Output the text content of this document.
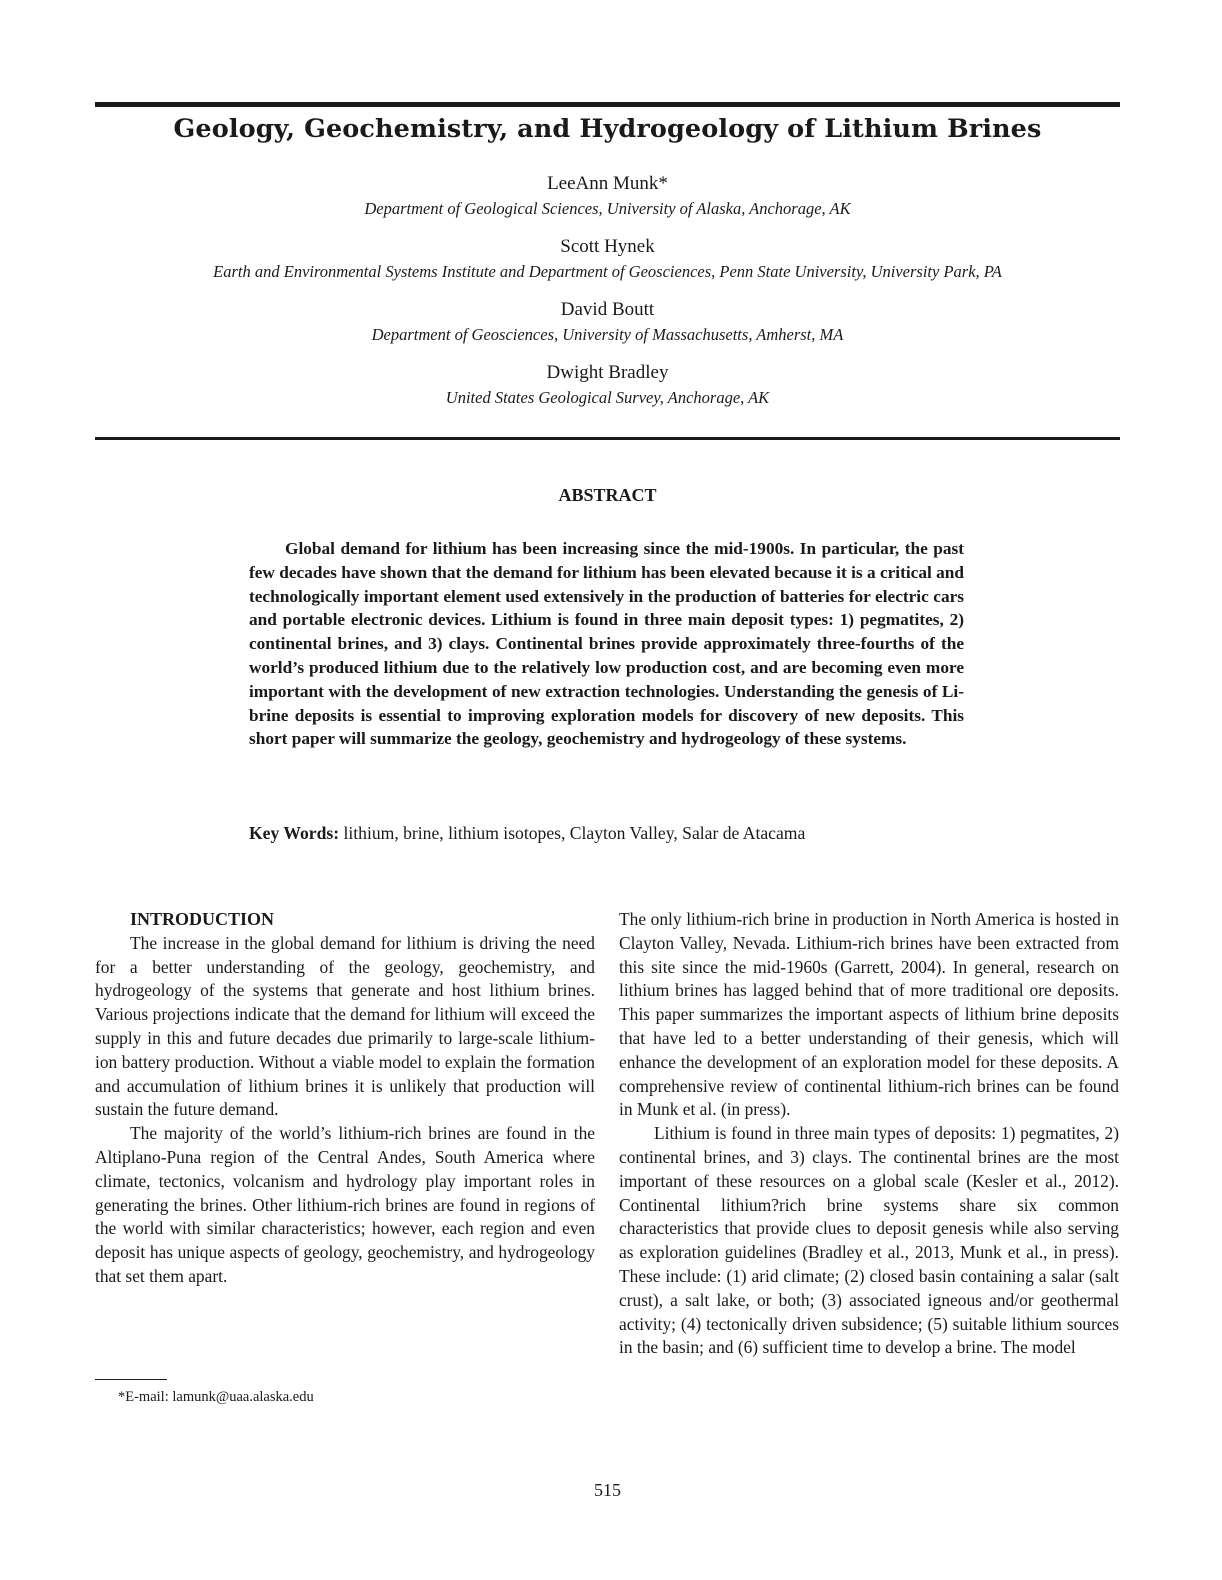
Geology, Geochemistry, and Hydrogeology of Lithium Brines
LeeAnn Munk*
Department of Geological Sciences, University of Alaska, Anchorage, AK
Scott Hynek
Earth and Environmental Systems Institute and Department of Geosciences, Penn State University, University Park, PA
David Boutt
Department of Geosciences, University of Massachusetts, Amherst, MA
Dwight Bradley
United States Geological Survey, Anchorage, AK
ABSTRACT

Global demand for lithium has been increasing since the mid-1900s. In particular, the past few decades have shown that the demand for lithium has been elevated because it is a critical and technologically important element used extensively in the production of batteries for electric cars and portable electronic devices. Lithium is found in three main deposit types: 1) pegmatites, 2) continental brines, and 3) clays. Continental brines provide approximately three-fourths of the world’s produced lithium due to the relatively low production cost, and are becoming even more important with the development of new extraction technologies. Understanding the genesis of Li-brine deposits is essential to improving exploration models for discovery of new deposits. This short paper will summarize the geology, geochemistry and hydrogeology of these systems.

Key Words: lithium, brine, lithium isotopes, Clayton Valley, Salar de Atacama

INTRODUCTION

The increase in the global demand for lithium is driving the need for a better understanding of the geology, geochemistry, and hydrogeology of the systems that generate and host lithium brines. Various projections indicate that the demand for lithium will exceed the supply in this and future decades due primarily to large-scale lithium-ion battery production. Without a viable model to explain the formation and accumulation of lithium brines it is unlikely that production will sustain the future demand.

The majority of the world’s lithium-rich brines are found in the Altiplano-Puna region of the Central Andes, South America where climate, tectonics, volcanism and hydrology play important roles in generating the brines. Other lithium-rich brines are found in regions of the world with similar characteristics; however, each region and even deposit has unique aspects of geology, geochemistry, and hydrogeology that set them apart.

The only lithium-rich brine in production in North America is hosted in Clayton Valley, Nevada. Lithium-rich brines have been extracted from this site since the mid-1960s (Garrett, 2004). In general, research on lithium brines has lagged behind that of more traditional ore deposits. This paper summarizes the important aspects of lithium brine deposits that have led to a better understanding of their genesis, which will enhance the development of an exploration model for these deposits. A comprehensive review of continental lithium-rich brines can be found in Munk et al. (in press).

Lithium is found in three main types of deposits: 1) pegmatites, 2) continental brines, and 3) clays. The continental brines are the most important of these resources on a global scale (Kesler et al., 2012). Continental lithium?rich brine systems share six common characteristics that provide clues to deposit genesis while also serving as exploration guidelines (Bradley et al., 2013, Munk et al., in press). These include: (1) arid climate; (2) closed basin containing a salar (salt crust), a salt lake, or both; (3) associated igneous and/or geothermal activity; (4) tectonically driven subsidence; (5) suitable lithium sources in the basin; and (6) sufficient time to develop a brine. The model

*E-mail: lamunk@uaa.alaska.edu
515
